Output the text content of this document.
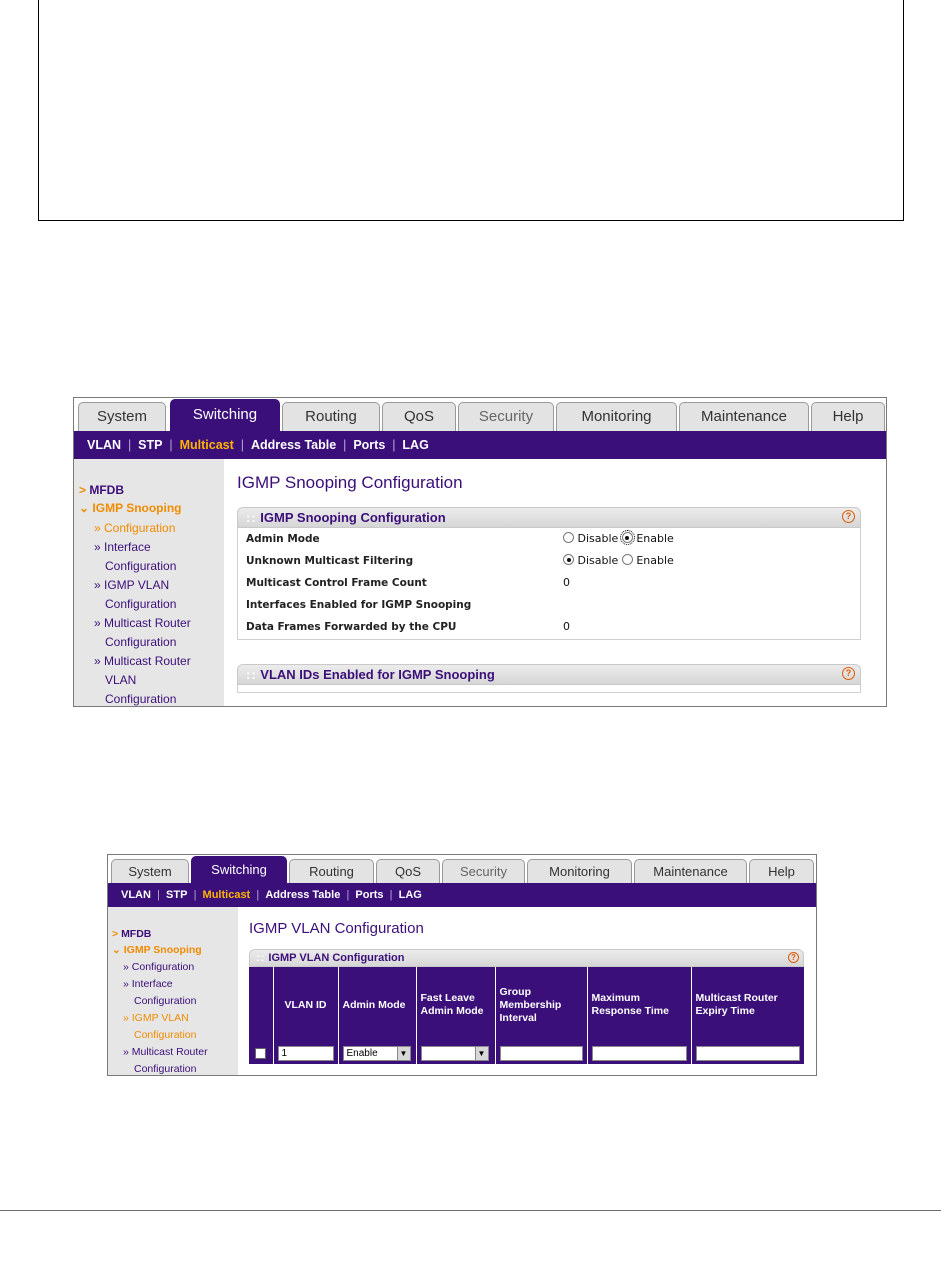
System	Switching	Routing	QoS	Security	Monitoring	Maintenance	Help
VLAN  |  STP  |  Multicast  |  Address Table  |  Ports  |  LAG
> MFDB
⌄ IGMP Snooping
» Configuration
» Interface
Configuration
» IGMP VLAN
Configuration
» Multicast Router
Configuration
» Multicast Router
VLAN
Configuration
IGMP Snooping Configuration
:: IGMP Snooping Configuration	?
Admin Mode	Disable Enable
Unknown Multicast Filtering	Disable Enable
Multicast Control Frame Count	0
Interfaces Enabled for IGMP Snooping
Data Frames Forwarded by the CPU	0
:: VLAN IDs Enabled for IGMP Snooping	?
System	Switching	Routing	QoS	Security	Monitoring	Maintenance	Help
VLAN  |  STP  |  Multicast  |  Address Table  |  Ports  |  LAG
> MFDB
⌄ IGMP Snooping
» Configuration
» Interface
Configuration
» IGMP VLAN
Configuration
» Multicast Router
Configuration
IGMP VLAN Configuration
:: IGMP VLAN Configuration	?
	VLAN ID	Admin Mode	Fast Leave Admin Mode	Group Membership Interval	Maximum Response Time	Multicast Router Expiry Time

	1	Enable ▼	▼			
